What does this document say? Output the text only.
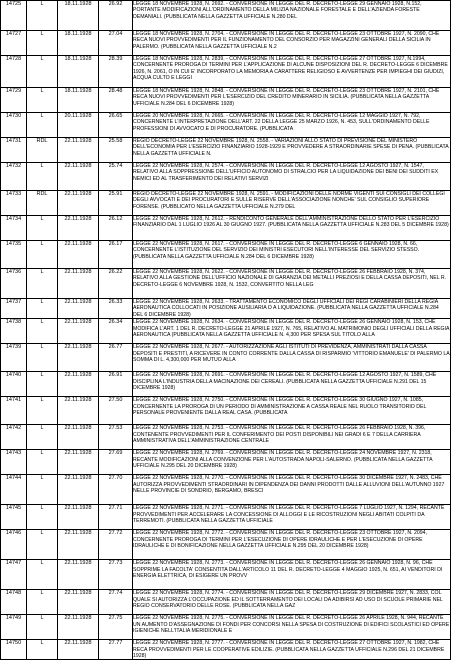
14725	L	18.11.1928	26.92	LEGGE 18 NOVEMBRE 1928, N. 2692. - CONVERSIONE IN LEGGE DEL R. DECRETO-LEGGE 29 GENNAIO 1928, N.152, PORTANTE MODIFICAZIONI ALL'ORDINAMENTO DELLA MILIZIA NAZIONALE FORESTALE E DELL'AZIENDA FORESTE DEMANIALI. (PUBBLICATA NELLA GAZZETTA UFFICIALE N.280 DEL
14727	L	18.11.1928	27.04	LEGGE 18 NOVEMBRE 1928, N. 2704. - CONVERSIONE IN LEGGE DEL R. DECRETO-LEGGE 23 OTTOBRE 1927, N. 2090, CHE RECA NUOVI PROVVEDIMENTI PER IL FUNZIONAMENTO DEL CONSORZIO PER MAGAZZINI GENERALI DELLA SICILIA IN PALERMO. (PUBBLICATA NELLA GAZZETTA UFFICIALE N.2
14728	L	18.11.1928	28.39	LEGGE 18 NOVEMBRE 1928, N. 2839. - CONVERSIONE IN LEGGE DEL R. DECRETO-LEGGE 27 OTTOBRE 1927, N.1994, CONCERNENTE PROROGA DI TERMINI PER L'APPLICAZIONE DI ALCUNE DISPOSIZIONI DEL R. DECRETO-LEGGE 6 DICEMBRE 1926, N. 2061, O IN CUI E' INCORPORATO LA MEMORIA A CARATTERE RELIGIOSO E AVVERTENZE PER IMPIEGHI DEI GIUDIZI, ACQUA CULTO E LEGGI
14729	L	18.11.1928	28.48	LEGGE 18 NOVEMBRE 1928, N. 2848. - CONVERSIONE IN LEGGE DEL R. DECRETO-LEGGE 23 OTTOBRE 1927, N. 2101, CHE RECA NUOVI PROVVEDIMENTI PER L'ESERCIZIO DEL CREDITO MINERARIO IN SICILIA. (PUBBLICATA NELLA GAZZETTA UFFICIALE N.284 DEL 6 DICEMBRE 1928)
14730	L	20.11.1928	26.65	LEGGE 20 NOVEMBRE 1928, N. 2665. - CONVERSIONE IN LEGGE DEL R. DECRETO-LEGGE 12 MAGGIO 1927, N. 792, CONCERNENTE L'INTERPRETAZIONE DELL'ART. 22 DELLA LEGGE 25 MARZO 1926, N. 453, SULL'ORDINAMENTO DELLE PROFESSIONI DI AVVOCATO E DI PROCURATORE. (PUBBLICATA
14731	RDL	22.11.1928	25.58	REGIO DECRETO-LEGGE 22 NOVEMBRE 1928, N. 2558. - VARIAZIONI ALLO STATO DI PREVISIONE DEL MINISTERO DELL'ECONOMIA PER L'ESERCIZIO FINANZIARIO 1928-1929 E PROVVEDERE A STRAORDINARIE SPESE DI PENA. (PUBBLICATA NELLA GAZZETTA UFFICIALE N.
14732	L	22.11.1928	25.74	LEGGE 22 NOVEMBRE 1928, N. 2574. - CONVERSIONE IN LEGGE DEL R. DECRETO-LEGGE 12 AGOSTO 1927, N. 1547, RELATIVO ALLA SOPPRESSIONE DELL'UFFICIO AUTONOMO DI STRALCIO PER LA LIQUIDAZIONE DEI BENI DEI SUDDITI EX NEMICI ED AL TRASFERIMENTO DEI RELATIVI SERVIZI
14733	RDL	22.11.1928	25.91	REGIO DECRETO-LEGGE 22 NOVEMBRE 1928, N. 2591. - MODIFICAZIONI DELLE NORME VIGENTI SUI CONSIGLI DEI COLLEGI DEGLI AVVOCATI E DEI PROCURATORI E SULLE RISERVE DELL'ASSOCIAZIONE NONCHE' SUL CONSIGLIO SUPERIORE FORENSE. (PUBBLICATO NELLA GAZZETTA UFFICIALE N.279 DEL
14734	L	22.11.1928	26.12	LEGGE 22 NOVEMBRE 1928, N. 2612. - RENDICONTO GENERALE DELL'AMMINISTRAZIONE DELLO STATO PER L'ESERCIZIO FINANZIARIO DAL 1 LUGLIO 1926 AL 30 GIUGNO 1927. (PUBBLICATA NELLA GAZZETTA UFFICIALE N.283 DEL 5 DICEMBRE 1928)
14735	L	22.11.1928	26.17	LEGGE 22 NOVEMBRE 1928, N. 2617. - CONVERSIONE IN LEGGE DEL R. DECRETO-LEGGE 6 GENNAIO 1928, N. 66, CONCERNENTE L'ISTITUZIONE DEL SERVIZIO DEI MINISTRI ESECUTORI NELL'INTERESSE DEL SERVIZIO STESSO. (PUBBLICATA NELLA GAZZETTA UFFICIALE N.284 DEL 6 DICEMBRE 1928)
14736	L	22.11.1928	26.22	LEGGE 22 NOVEMBRE 1928, N. 2622. - CONVERSIONE IN LEGGE DEL R. DECRETO-LEGGE 26 FEBBRAIO 1928, N. 374, RELATIVO ALLA GESTIONE DELL'UFFICIO NAZIONALE DI GARANZIA DEI METALLI PREZIOSI E DELLA CASSA DEPOSITI, NEL R. DECRETO-LEGGE 6 NOVEMBRE 1928, N. 1532, CONVERTITO NELLA LEG
14737	L	22.11.1928	26.33	LEGGE 22 NOVEMBRE 1928, N. 2633. - TRATTAMENTO ECONOMICO DEGLI UFFICIALI DEI REGI CARABINIERI DELLA REGIA AERONAUTICA COLLOCATI IN POSIZIONE AUSILIARIA O A LIQUIDAZIONE. (PUBBLICATA NELLA GAZZETTA UFFICIALE N.284 DEL 6 DICEMBRE 1928)
14738	L	22.11.1928	26.34	LEGGE 22 NOVEMBRE 1928, N. 2634. - CONVERSIONE IN LEGGE DEL R. DECRETO-LEGGE 26 GENNAIO 1928, N. 153, CHE MODIFICA L'ART. 1 DEL R. DECRETO-LEGGE 21 APRILE 1927, N. 765, RELATIVO AL MATRIMONIO DEGLI UFFICIALI DELLA REGIA AERONAUTICA (PUBBLICATA NELLA GAZZETTA UFFICIALE N. 4,300 PER SPESA SUL TITOLO ALLA
14739	L	22.11.1928	26.77	LEGGE 22 NOVEMBRE 1928, N. 2677. - AUTORIZZAZIONE AGLI ISTITUTI DI PREVIDENZA, AMMINISTRATI DALLA CASSA DEPOSITI E PRESTITI, A RICEVERE IN CONTO CORRENTE DALLA CASSA DI RISPARMIO 'VITTORIO EMANUELE' DI PALERMO LA SOMMA DI L. 4,300,000 PER MUTUO ALLA
14740	L	22.11.1928	26.91	LEGGE 22 NOVEMBRE 1928, N. 2691. - CONVERSIONE IN LEGGE DEL R. DECRETO-LEGGE 12 AGOSTO 1927, N. 1589, CHE DISCIPLINA L'INDUSTRIA DELLA MACINAZIONE DEI CEREALI. (PUBBLICATA NELLA GAZZETTA UFFICIALE N.291 DEL 15 DICEMBRE 1928)
14741	L	22.11.1928	27.50	LEGGE 22 NOVEMBRE 1928, N. 2750. - CONVERSIONE IN LEGGE DEL R. DECRETO-LEGGE 30 GIUGNO 1927, N. 1085, CONCERNENTE LA PROROGA DI UN PERIODO DI AMMINISTRAZIONE A CASSA REALE NEL RUOLO TRANSITORIO DEL PERSONALE PROVENIENTE DALLA REAL CASA. (PUBBLICATA
14742	L	22.11.1928	27.53	LEGGE 22 NOVEMBRE 1928, N. 2753. - CONVERSIONE IN LEGGE DEL R. DECRETO-LEGGE 26 FEBBRAIO 1928, N. 396, CONTENENTE PROVVEDIMENTI PER IL CONFERIMENTO DEI POSTI DISPONIBILI NEI GRADI 6 E 7 DELLA CARRIERA AMMINISTRATIVA DELL'AMMINISTRAZIONE CENTRALE
14743	L	22.11.1928	27.69	LEGGE 22 NOVEMBRE 1928, N. 2769. - CONVERSIONE IN LEGGE DEL R. DECRETO-LEGGE 24 NOVEMBRE 1927, N. 2318, RECANTE MODIFICAZIONI ALLA CONVENZIONE PER L'AUTOSTRADA NAPOLI-SALERNO. (PUBBLICATA NELLA GAZZETTA UFFICIALE N.295 DEL 20 DICEMBRE 1928)
14744	L	22.11.1928	27.70	LEGGE 22 NOVEMBRE 1928, N. 2770. - CONVERSIONE IN LEGGE DEL R. DECRETO-LEGGE 30 DICEMBRE 1927, N. 2483, CHE AUTORIZZA PROVVEDIMENTI STRAORDINARI IN DIPENDENZA DEI DANNI PRODOTTI DALLE ALLUVIONI DELL'AUTUNNO 1927 NELLE PROVINCIE DI SONDRIO, BERGAMO, BRESCI
14745	L	22.11.1928	27.71	LEGGE 22 NOVEMBRE 1928, N. 2771. - CONVERSIONE IN LEGGE DEL R. DECRETO-LEGGE 7 LUGLIO 1927, N. 1294, RECANTE PROVVEDIMENTI PER ACCELERARE LA CONCESSIONE DI ALLOGGI E LE RICOSTRUZIONI NEGLI ABITATI COLPITI DA TERREMOTI. (PUBBLICATA NELLA GAZZETTA UFFICIALE
14746	L	22.11.1928	27.72	LEGGE 22 NOVEMBRE 1928, N. 2772. - CONVERSIONE IN LEGGE DEL R. DECRETO-LEGGE 23 OTTOBRE 1927, N. 2094, CONCERNENTE PROROGA DI TERMINI PER L'ESECUZIONE DI OPERE IDRAULICHE E PER L'ESECUZIONE DI OPERE IDRAULICHE E DI BONIFICAZIONE NELLA GAZZETTA UFFICIALE N.295 DEL 20 DICEMBRE 1928)
14747	L	22.11.1928	27.73	LEGGE 22 NOVEMBRE 1928, N. 2773. - CONVERSIONE IN LEGGE DEL R. DECRETO-LEGGE 26 GENNAIO 1928, N. 96, CHE SOPPRIME LA FACOLTA' CONSENTITA DALL'ARTICOLO 11 DEL R. DECRETO-LEGGE 4 MAGGIO 1925, N. 651, AI VENDITORI DI ENERGIA ELETTRICA, DI ESIGERE UN PROVV
14748	L	22.11.1928	27.74	LEGGE 22 NOVEMBRE 1928, N. 2774. - CONVERSIONE IN LEGGE DEL R. DECRETO-LEGGE 29 DICEMBRE 1927, N. 2833, COL QUALE SI AUTORIZZA L'OCCUPAZIONE ED IL SOTTERRAMENTO DEI LOCALI DA ADIBIRSI AD USO DI SCUOLE PRIMARIE NEL REGIO CONSERVATORIO DELLE ROSE. (PUBBLICATA NELLA GAZ
14749	L	22.11.1928	27.75	LEGGE 22 NOVEMBRE 1928, N. 2775. - CONVERSIONE IN LEGGE DEL R. DECRETO-LEGGE 26 APRILE 1928, N. 944, RECANTE UN AUMENTO D'ASSEGNAZIONE DI FONDI PER CONCORSI NELLA SPESA DI COSTRUZIONE DI EDIFICI SCOLASTICI ED OPERE IGIENICHE NELL'ITALIA MERIDIONALE E
14750	L	22.11.1928	27.77	LEGGE 22 NOVEMBRE 1928, N. 2777. - CONVERSIONE IN LEGGE DEL R. DECRETO-LEGGE 27 OTTOBRE 1927, N. 1982, CHE RECA PROVVEDIMENTI PER LE COOPERATIVE EDILIZIE. (PUBBLICATA NELLA GAZZETTA UFFICIALE N.296 DEL 21 DICEMBRE 1928)
